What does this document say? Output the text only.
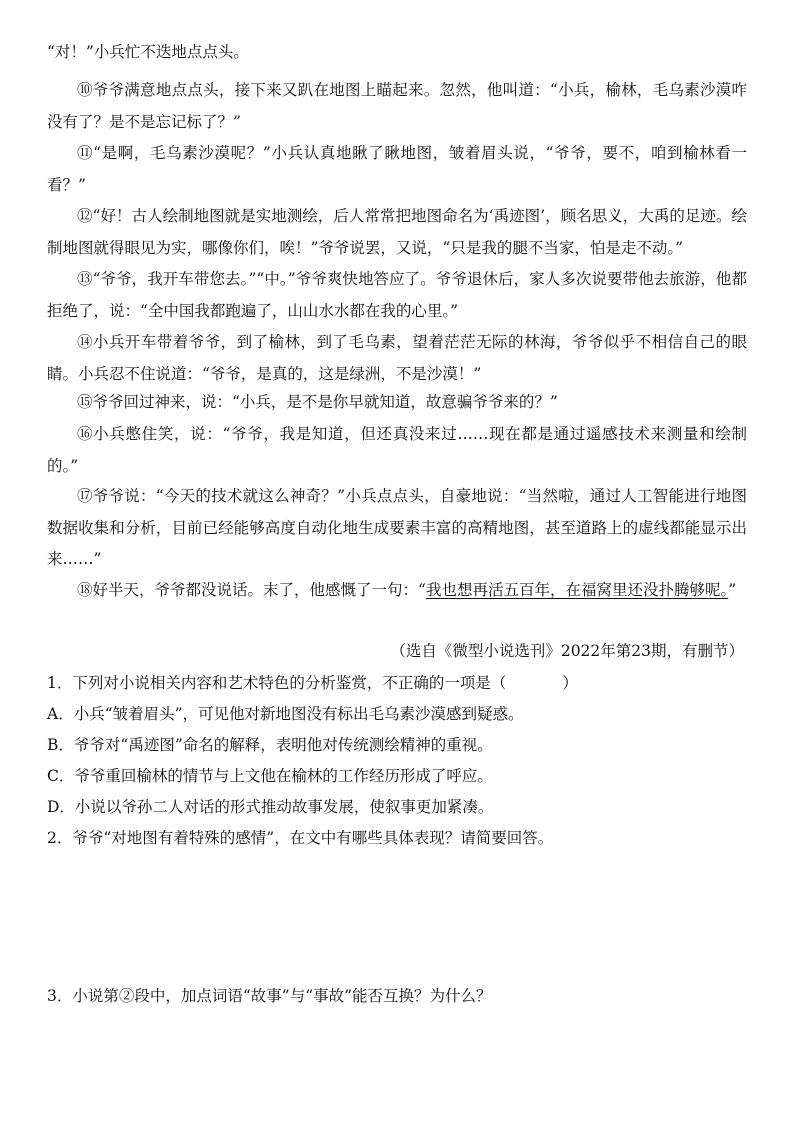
“对！”小兵忙不迭地点点头。
⑩爷爷满意地点点头，接下来又趴在地图上瞄起来。忽然，他叫道：“小兵，榆林，毛乌素沙漠咋没有了？是不是忘记标了？”
⑪“是啊，毛乌素沙漠呢？”小兵认真地瞅了瞅地图，皱着眉头说，“爷爷，要不，咱到榆林看一看？”
⑫“好！古人绘制地图就是实地测绘，后人常常把地图命名为‘禹迹图’，顾名思义，大禹的足迹。绘制地图就得眼见为实，哪像你们，唉！”爷爷说罢，又说，“只是我的腿不当家，怕是走不动。”
⑬“爷爷，我开车带您去。”“中。”爷爷爽快地答应了。爷爷退休后，家人多次说要带他去旅游，他都拒绝了，说：“全中国我都跑遍了，山山水水都在我的心里。”
⑭小兵开车带着爷爷，到了榆林，到了毛乌素，望着茫茫无际的林海，爷爷似乎不相信自己的眼睛。小兵忍不住说道：“爷爷，是真的，这是绿洲，不是沙漠！”
⑮爷爷回过神来，说：“小兵，是不是你早就知道，故意骗爷爷来的？”
⑯小兵憋住笑，说：“爷爷，我是知道，但还真没来过……现在都是通过遥感技术来测量和绘制的。”
⑰爷爷说：“今天的技术就这么神奇？”小兵点点头，自豪地说：“当然啦，通过人工智能进行地图数据收集和分析，目前已经能够高度自动化地生成要素丰富的高精地图，甚至道路上的虚线都能显示出来……”
⑱好半天，爷爷都没说话。末了，他感慨了一句：“我也想再活五百年，在福窝里还没扑腾够呢。”
（选自《微型小说选刊》2022年第23期，有删节）
1．下列对小说相关内容和艺术特色的分析鉴赏，不正确的一项是（	）
A．小兵“皱着眉头”，可见他对新地图没有标出毛乌素沙漠感到疑惑。
B．爷爷对“禹迹图”命名的解释，表明他对传统测绘精神的重视。
C．爷爷重回榆林的情节与上文他在榆林的工作经历形成了呼应。
D．小说以爷孙二人对话的形式推动故事发展，使叙事更加紧凑。
2．爷爷“对地图有着特殊的感情”，在文中有哪些具体表现？请简要回答。
3．小说第②段中，加点词语“故事”与“事故”能否互换？为什么？
